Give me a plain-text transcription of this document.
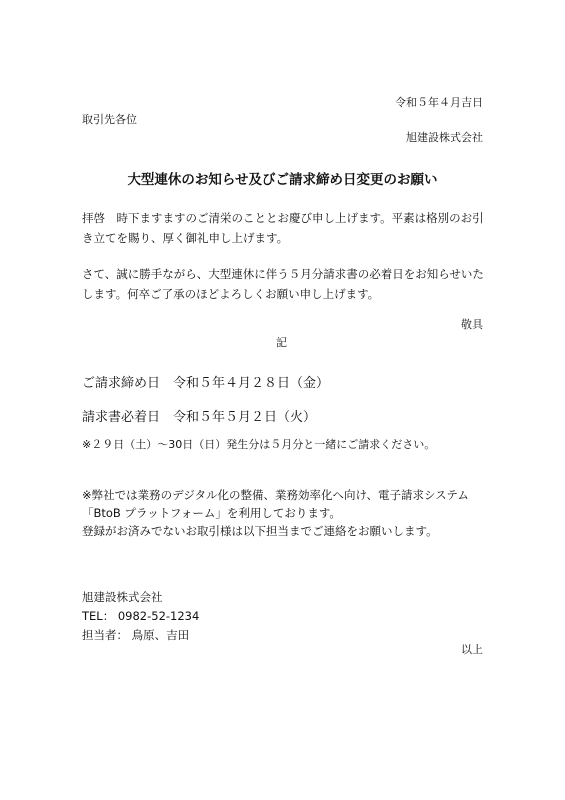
令和５年４月吉日
取引先各位
旭建設株式会社
大型連休のお知らせ及びご請求締め日変更のお願い

拝啓　時下ますますのご清栄のこととお慶び申し上げます。平素は格別のお引

き立てを賜り、厚く御礼申し上げます。

さて、誠に勝手ながら、大型連休に伴う５月分請求書の必着日をお知らせいた

します。何卒ご了承のほどよろしくお願い申し上げます。

敬具
記
ご請求締め日　令和５年４月２８日（金）
請求書必着日　令和５年５月２日（火）
※２９日（土）～30日（日）発生分は５月分と一緒にご請求ください。

※弊社では業務のデジタル化の整備、業務効率化へ向け、電子請求システム

「BtoB プラットフォーム」を利用しております。

登録がお済みでないお取引様は以下担当までご連絡をお願いします。

旭建設株式会社

TEL： 0982-52-1234

担当者： 鳥原、吉田

以上
